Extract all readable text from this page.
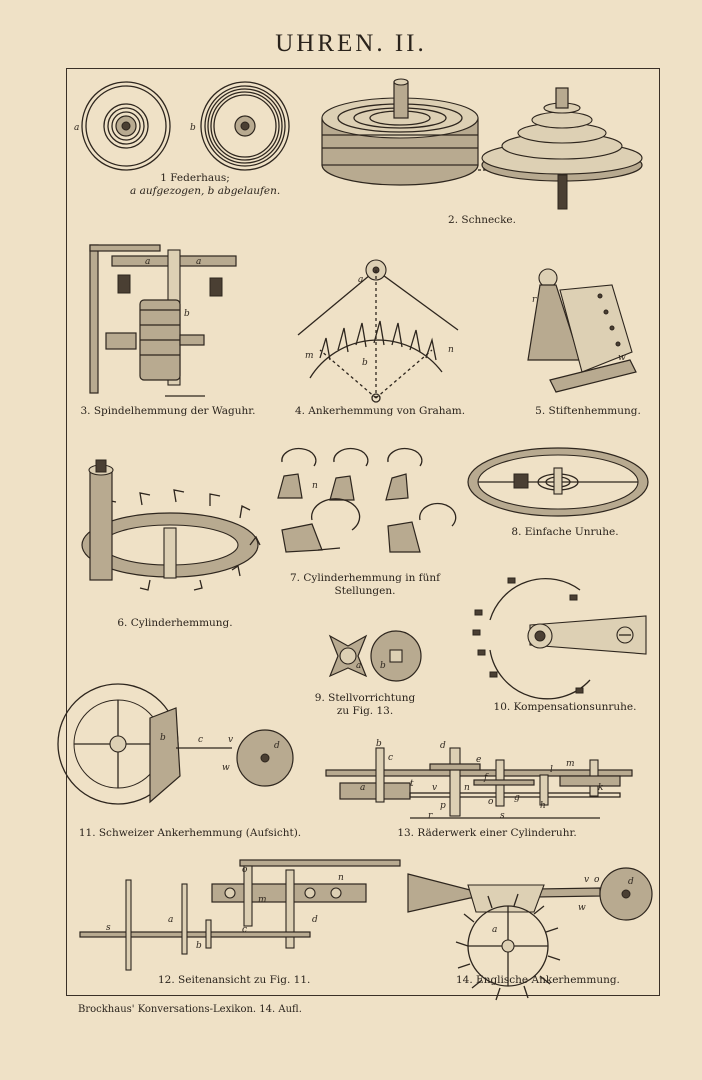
UHREN. II.
a	b
2. Schnecke.
a	a
b
a
b
m
n
r
w
n
a b
b	c	v
w
d	b
c
d
e
f
a	t v	n
p	o g
h
k
l
m
r	s
o
n
m
s
a
b
c
d
v o
w
d
a
1 Federhaus;
a aufgezogen, b abgelaufen.
3. Spindelhemmung der Waguhr.	4. Ankerhemmung von Graham.	5. Stiftenhemmung.
6. Cylinderhemmung.
7. Cylinderhemmung in fünf
Stellungen.
8. Einfache Unruhe.
9. Stellvorrichtung
zu Fig. 13.	10. Kompensationsunruhe.
11. Schweizer Ankerhemmung (Aufsicht).	13. Räderwerk einer Cylinderuhr.
12. Seitenansicht zu Fig. 11.	14. Englische Ankerhemmung.
Brockhaus' Konversations-Lexikon. 14. Aufl.
